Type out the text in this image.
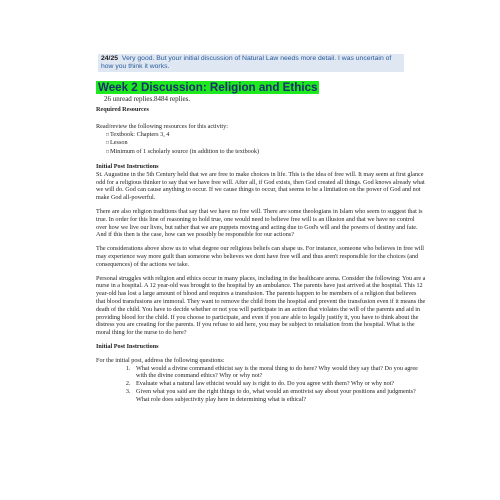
24/25 Very good. But your initial discussion of Natural Law needs more detail. I was uncertain of how you think it works.
Week 2 Discussion: Religion and Ethics
26 unread replies.8484 replies.
Required Resources
Read/review the following resources for this activity:
□ Textbook: Chapters 3, 4
□ Lesson
□ Minimum of 1 scholarly source (in addition to the textbook)
Initial Post Instructions

St. Augustine in the 5th Century held that we are free to make choices in life. This is the idea of free will. It may seem at first glance odd for a religious thinker to say that we have free will. After all, if God exists, then God created all things. God knows already what we will do. God can cause anything to occur. If we cause things to occur, that seems to be a limitation on the power of God and not make God all-powerful.

There are also religion traditions that say that we have no free will. There are some theologians in Islam who seem to suggest that is true. In order for this line of reasoning to hold true, one would need to believe free will is an illusion and that we have no control over how we live our lives, but rather that we are puppets moving and acting due to God's will and the powers of destiny and fate. And if this then is the case, how can we possibly be responsible for our actions?

The considerations above show us to what degree our religious beliefs can shape us. For instance, someone who believes in free will may experience way more guilt than someone who believes we dont have free will and thus aren't responsible for the choices (and consequences) of the actions we take.

Personal struggles with religion and ethics occur in many places, including in the healthcare arena. Consider the following: You are a nurse in a hospital. A 12 year-old was brought to the hospital by an ambulance. The parents have just arrived at the hospital. This 12 year-old has lost a large amount of blood and requires a transfusion. The parents happen to be members of a religion that believes that blood transfusions are immoral. They want to remove the child from the hospital and prevent the transfusion even if it means the death of the child. You have to decide whether or not you will participate in an action that violates the will of the parents and aid in providing blood for the child. If you choose to participate, and even if you are able to legally justify it, you have to think about the distress you are creating for the parents. If you refuse to aid here, you may be subject to retaliation from the hospital. What is the moral thing for the nurse to do here?

Initial Post Instructions
For the initial post, address the following questions:
1. What would a divine command ethicist say is the moral thing to do here? Why would they say that? Do you agree with the divine command ethics? Why or why not?
2. Evaluate what a natural law ethicist would say is right to do. Do you agree with them? Why or why not?
3. Given what you said are the right things to do, what would an emotivist say about your positions and judgments? What role does subjectivity play here in determining what is ethical?
